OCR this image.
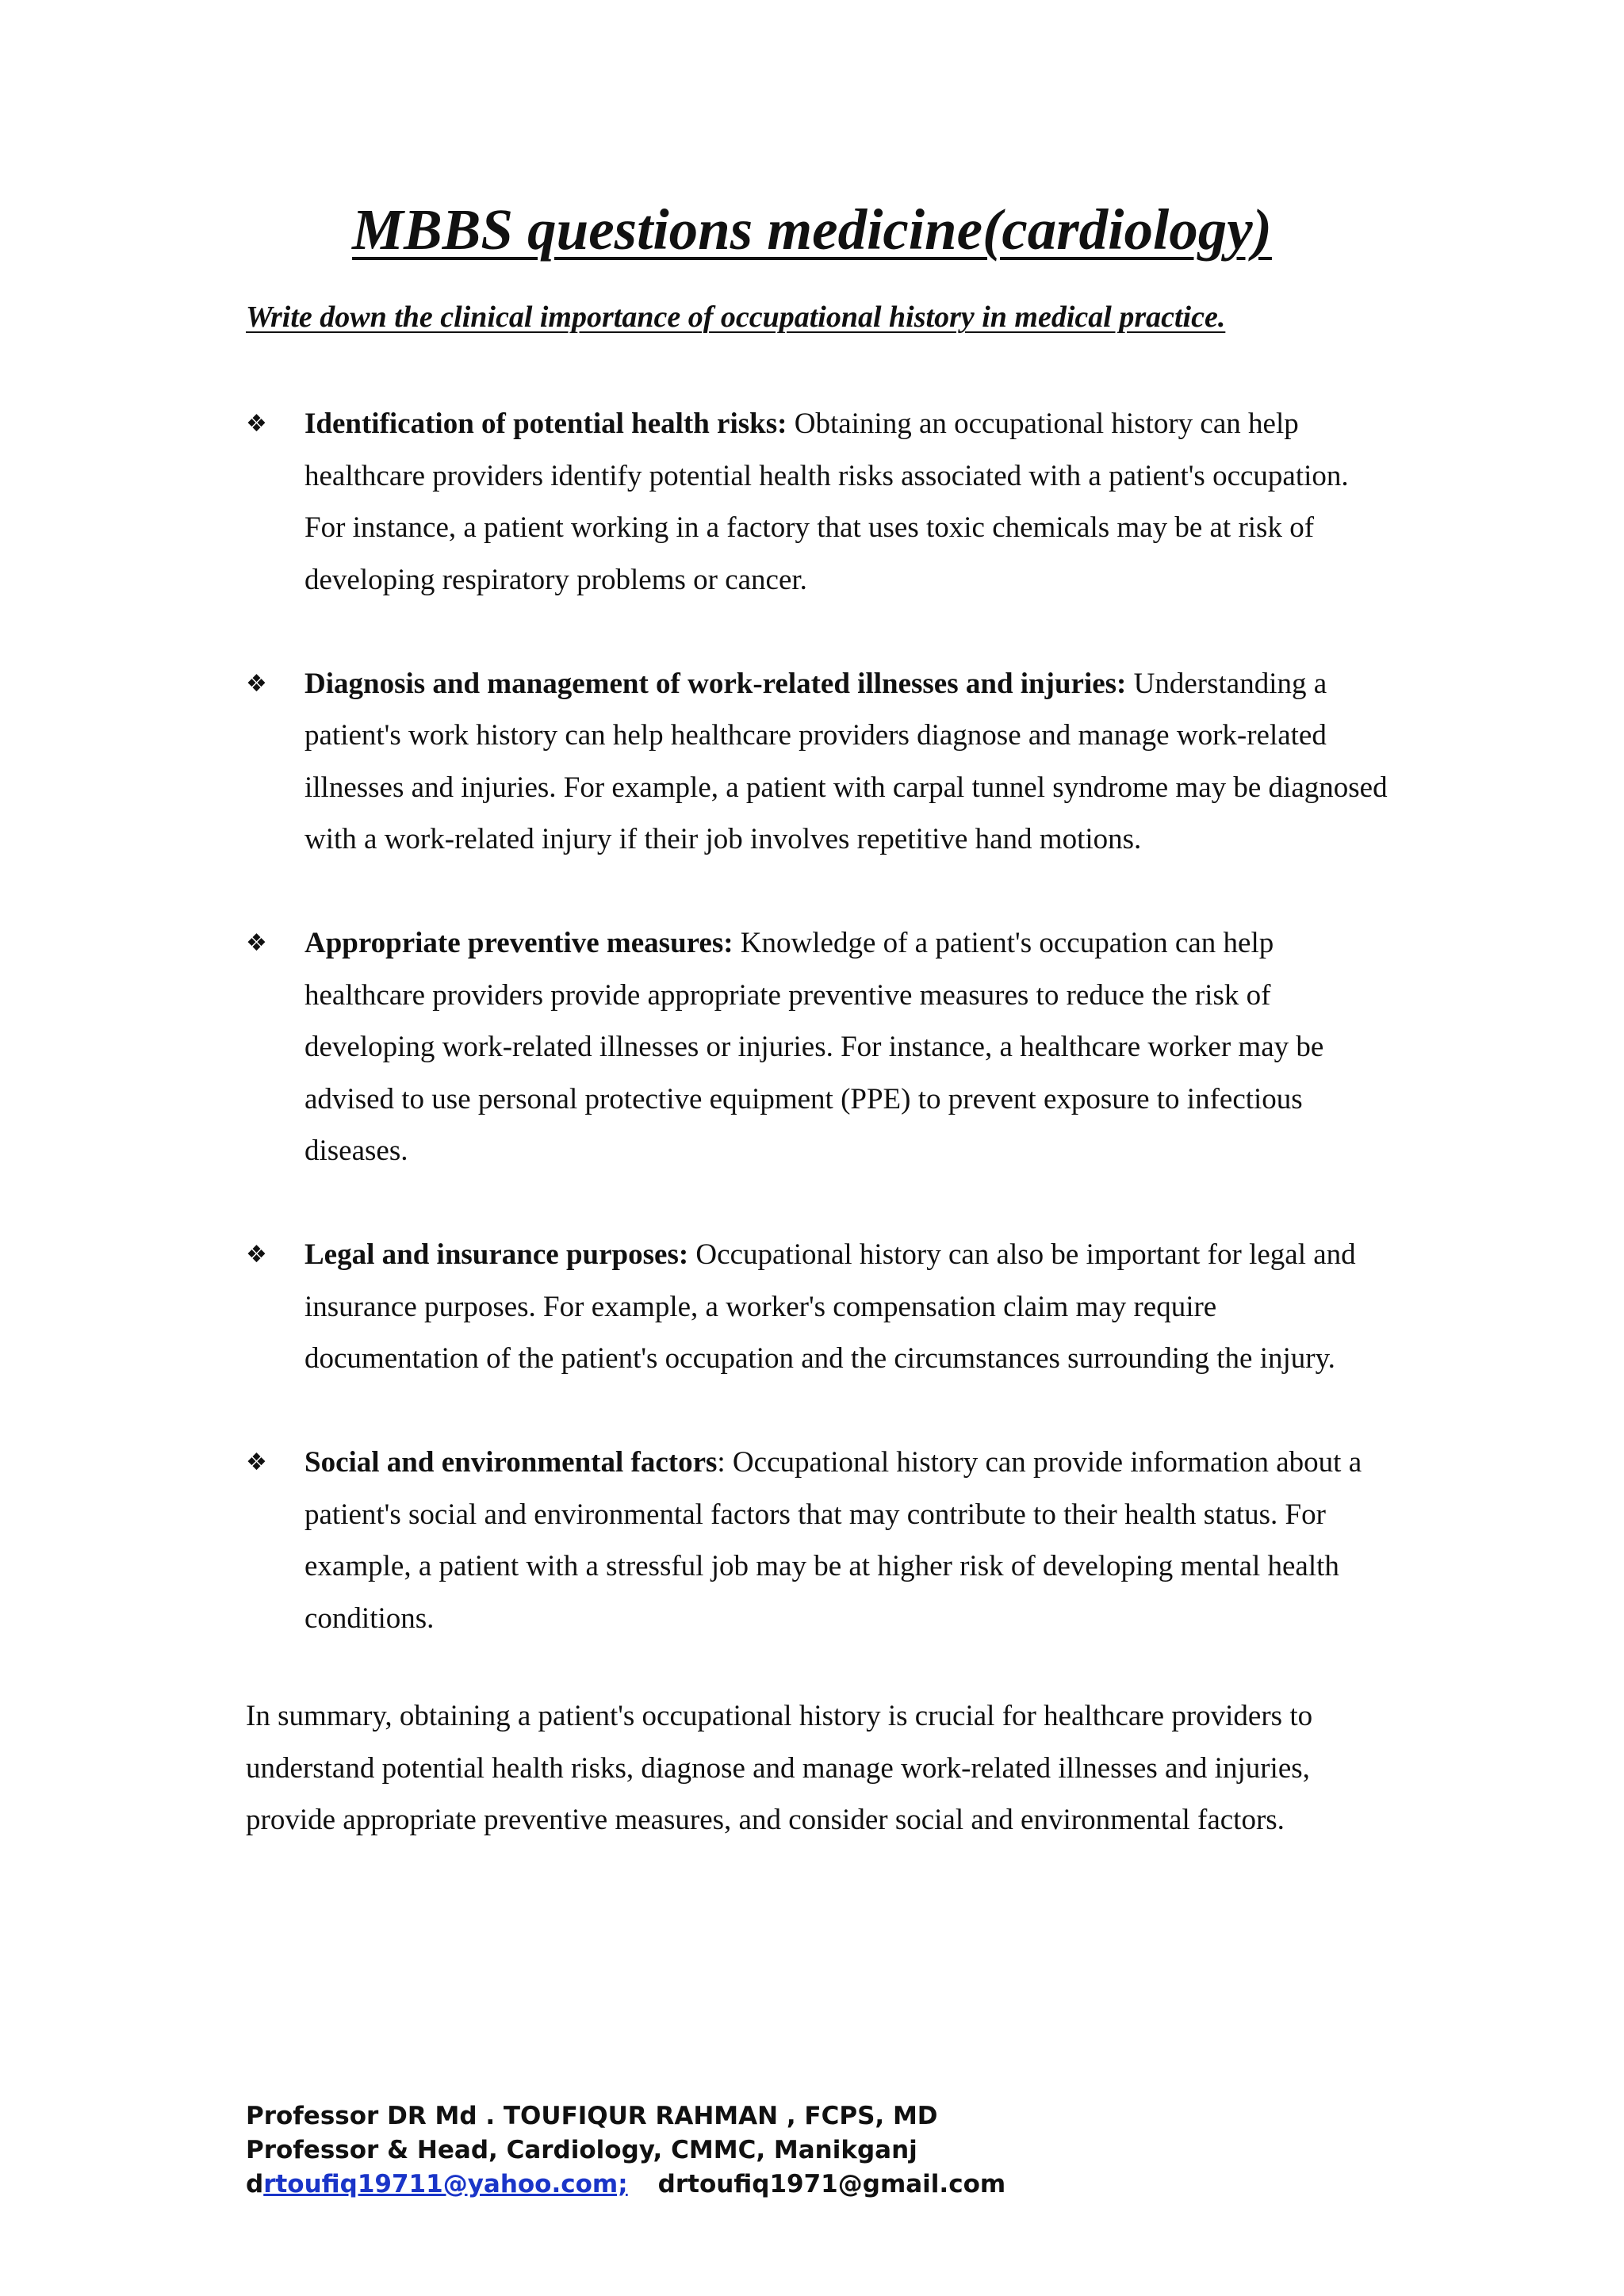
MBBS questions medicine(cardiology)

Write down the clinical importance of occupational history in medical practice.

❖	Identification of potential health risks: Obtaining an occupational history can help healthcare providers identify potential health risks associated with a patient's occupation. For instance, a patient working in a factory that uses toxic chemicals may be at risk of developing respiratory problems or cancer.
❖	Diagnosis and management of work-related illnesses and injuries: Understanding a patient's work history can help healthcare providers diagnose and manage work-related illnesses and injuries. For example, a patient with carpal tunnel syndrome may be diagnosed with a work-related injury if their job involves repetitive hand motions.
❖	Appropriate preventive measures: Knowledge of a patient's occupation can help healthcare providers provide appropriate preventive measures to reduce the risk of developing work-related illnesses or injuries. For instance, a healthcare worker may be advised to use personal protective equipment (PPE) to prevent exposure to infectious diseases.
❖	Legal and insurance purposes: Occupational history can also be important for legal and insurance purposes. For example, a worker's compensation claim may require documentation of the patient's occupation and the circumstances surrounding the injury.
❖	Social and environmental factors: Occupational history can provide information about a patient's social and environmental factors that may contribute to their health status. For example, a patient with a stressful job may be at higher risk of developing mental health conditions.

In summary, obtaining a patient's occupational history is crucial for healthcare providers to understand potential health risks, diagnose and manage work-related illnesses and injuries, provide appropriate preventive measures, and consider social and environmental factors.

Professor DR Md . TOUFIQUR RAHMAN , FCPS, MD
Professor & Head, Cardiology, CMMC, Manikganj
drtoufiq19711@yahoo.com; drtoufiq1971@gmail.com
